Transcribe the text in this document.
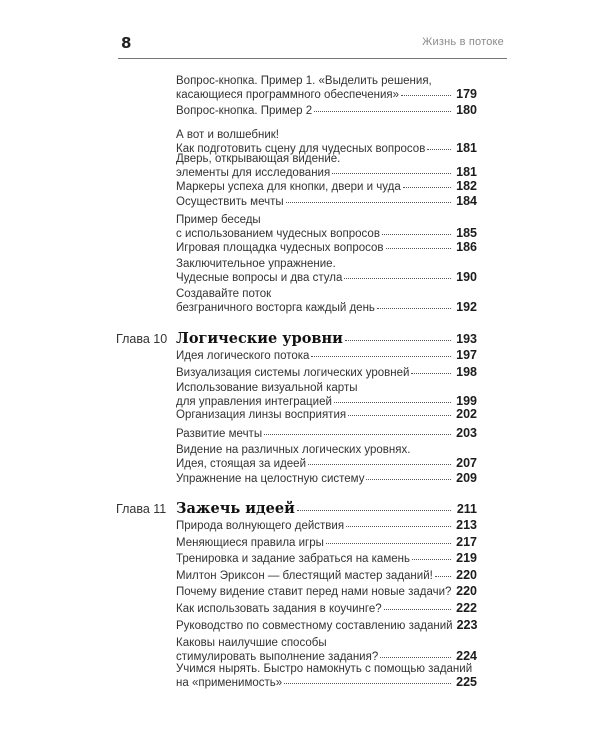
8	Жизнь в потоке
Вопрос-кнопка. Пример 1. «Выделить решения,
касающиеся программного обеспечения»	179
Вопрос-кнопка. Пример 2	180
А вот и волшебник!
Как подготовить сцену для чудесных вопросов 181
Дверь, открывающая видение.
элементы для исследования	181
Маркеры успеха для кнопки, двери и чуда	182
Осуществить мечты	184
Пример беседы
с использованием чудесных вопросов	185
Игровая площадка чудесных вопросов	186
Заключительное упражнение.
Чудесные вопросы и два стула	190
Создавайте поток
безграничного восторга каждый день	192
Глава 10 Логические уровни	193
Идея логического потока	197
Визуализация системы логических уровней	198
Использование визуальной карты
для управления интеграцией	199
Организация линзы восприятия	202
Развитие мечты	203
Видение на различных логических уровнях.
Идея, стоящая за идеей	207
Упражнение на целостную систему	209
Глава 11 Зажечь идеей	211
Природа волнующего действия	213
Меняющиеся правила игры	217
Тренировка и задание забраться на камень	219
Милтон Эриксон — блестящий мастер заданий! 220
Почему видение ставит перед нами новые задачи? 220
Как использовать задания в коучинге?	222
Руководство по совместному составлению заданий 223
Каковы наилучшие способы
стимулировать выполнение задания?	224
Учимся нырять. Быстро намокнуть с помощью заданий
на «применимость»	225
